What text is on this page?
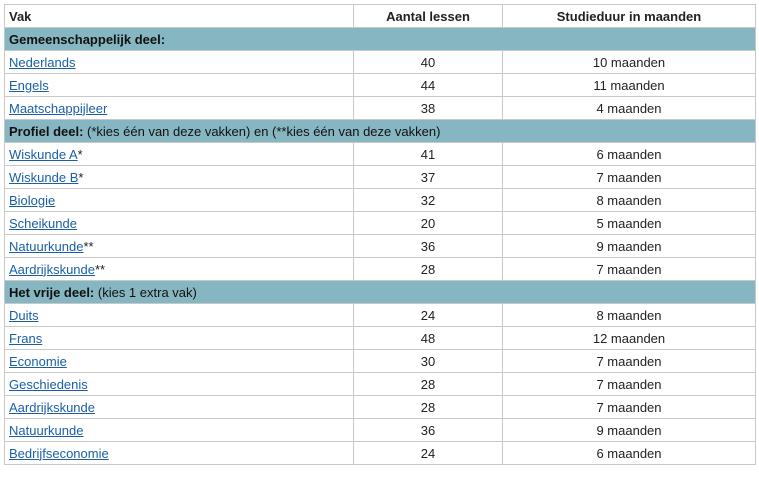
Vak	Aantal lessen	Studieduur in maanden
Gemeenschappelijk deel:		
Nederlands	40	10 maanden
Engels	44	11 maanden
Maatschappijleer	38	4 maanden
Profiel deel: (*kies één van deze vakken) en (**kies één van deze vakken)		
Wiskunde A*	41	6 maanden
Wiskunde B*	37	7 maanden
Biologie	32	8 maanden
Scheikunde	20	5 maanden
Natuurkunde**	36	9 maanden
Aardrijkskunde**	28	7 maanden
Het vrije deel: (kies 1 extra vak)		
Duits	24	8 maanden
Frans	48	12 maanden
Economie	30	7 maanden
Geschiedenis	28	7 maanden
Aardrijkskunde	28	7 maanden
Natuurkunde	36	9 maanden
Bedrijfseconomie	24	6 maanden
